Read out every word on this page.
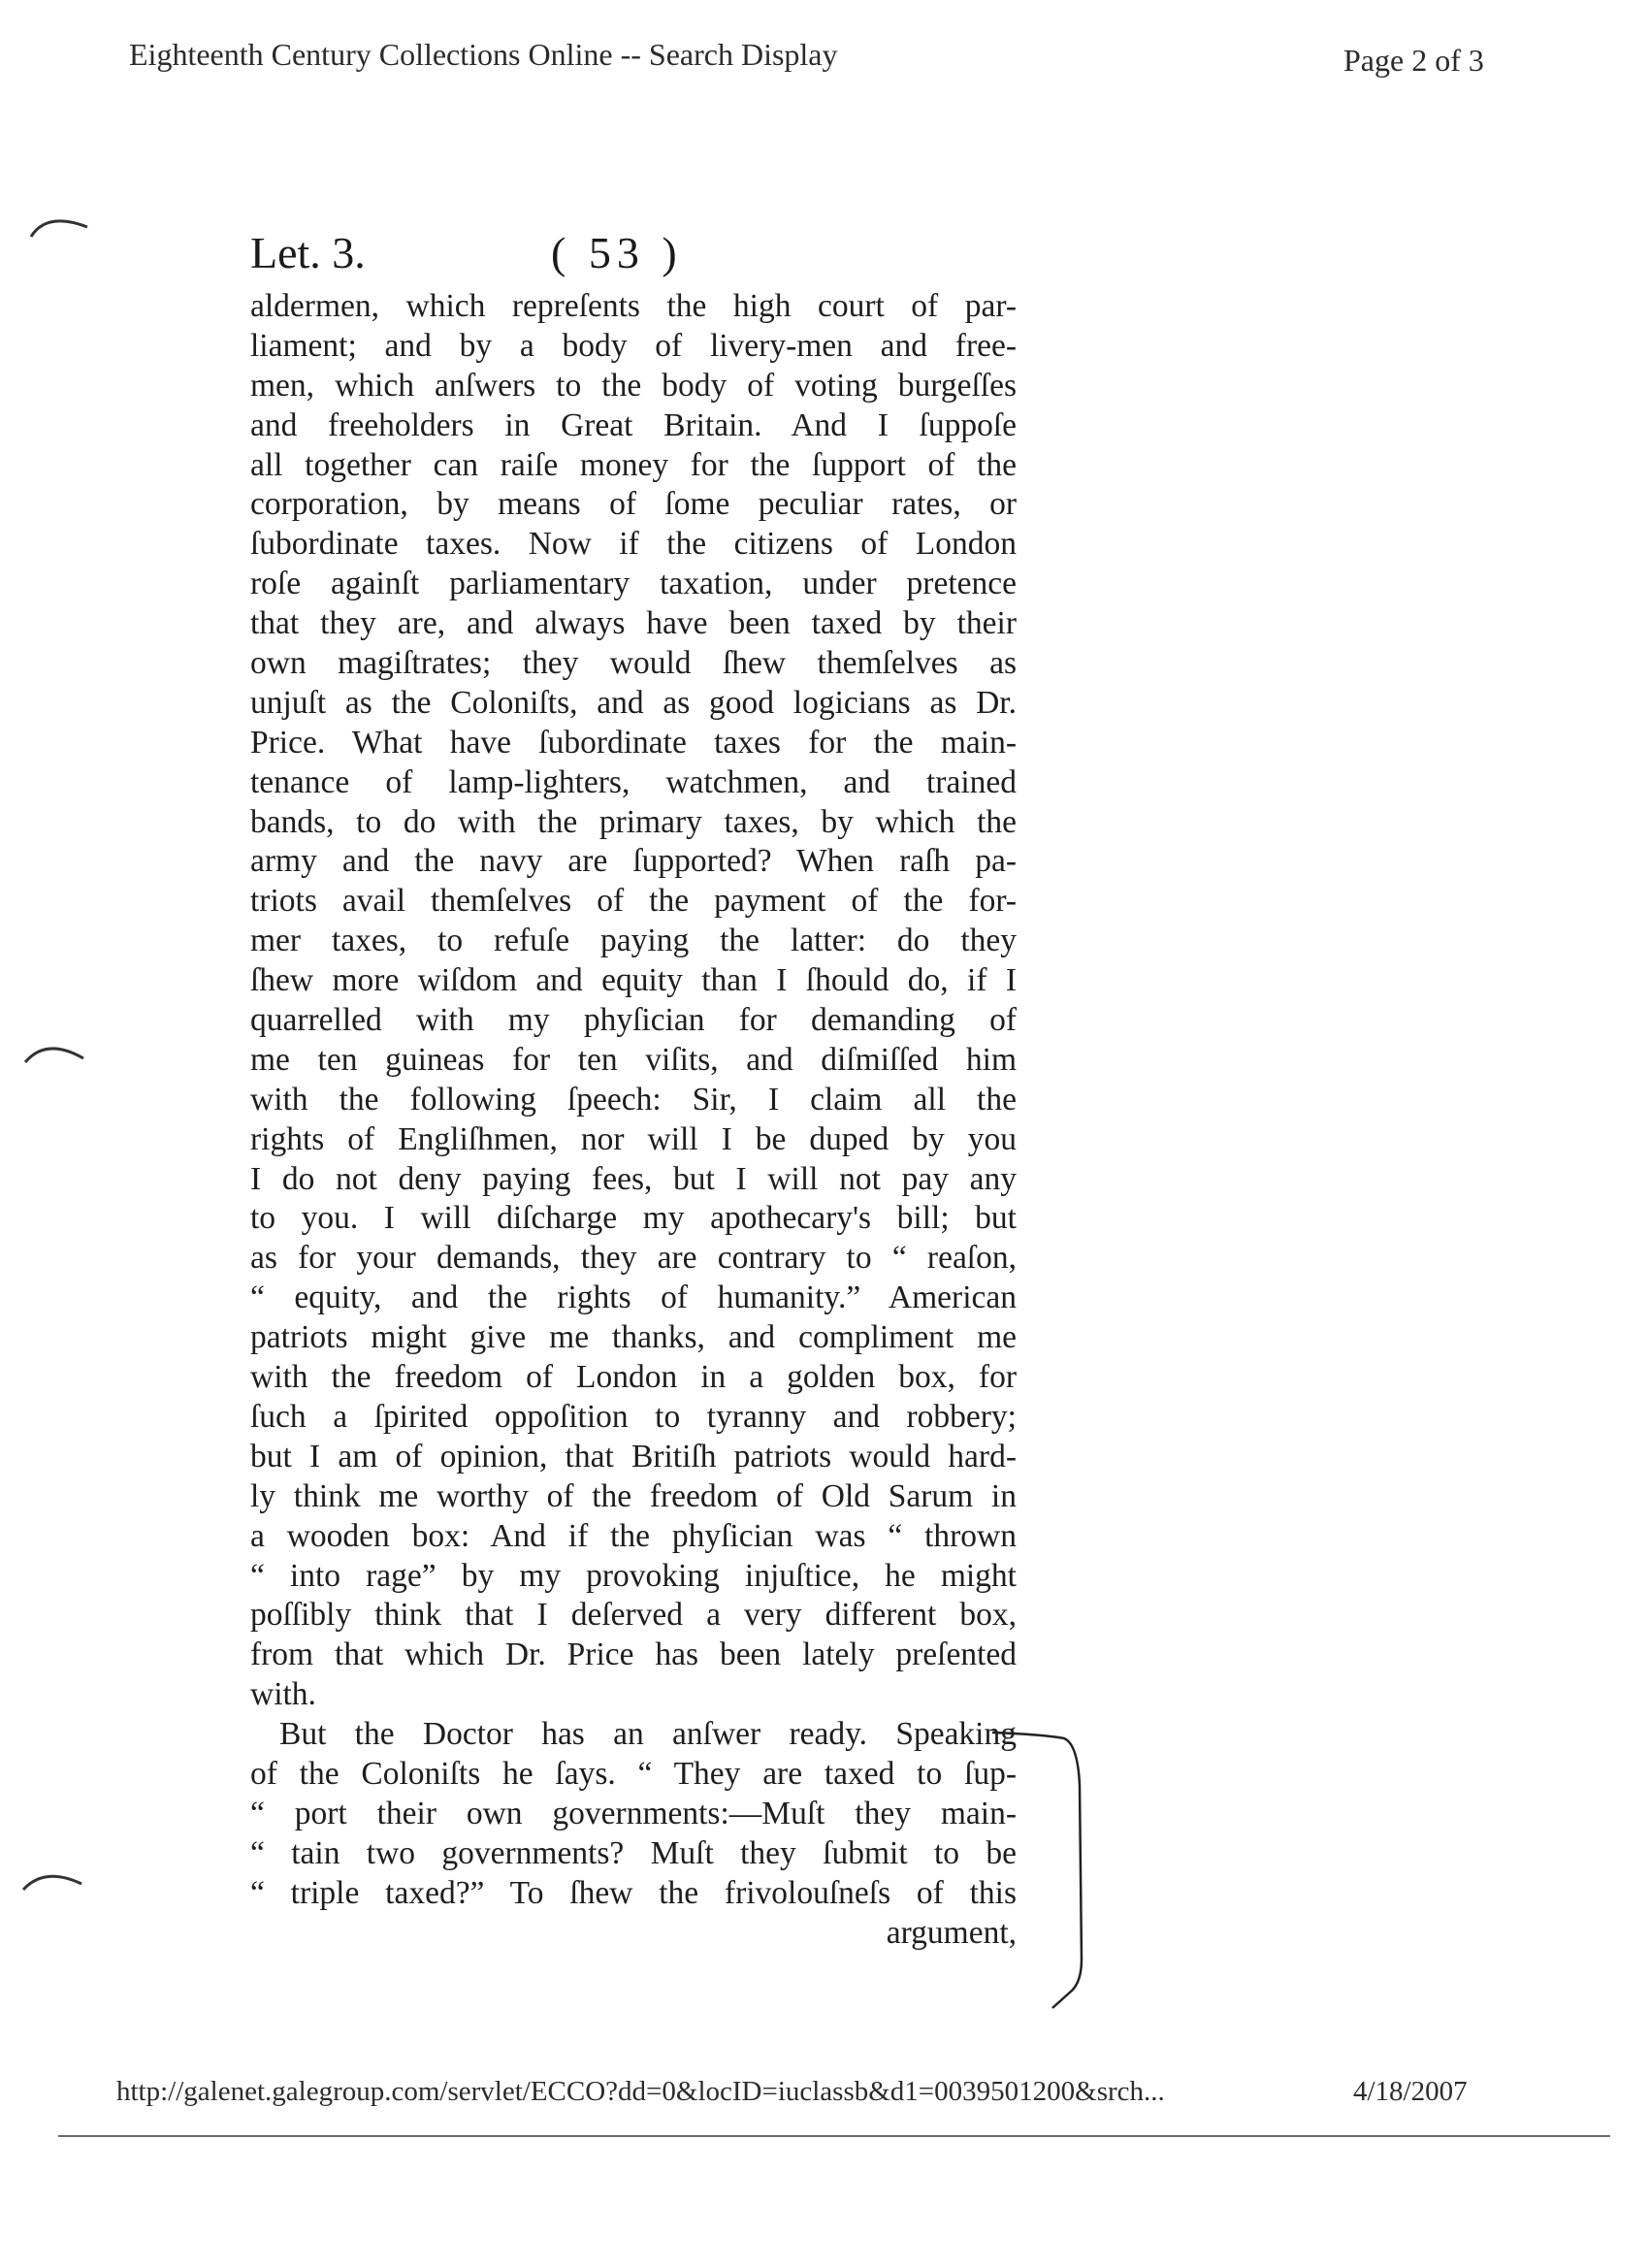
Eighteenth Century Collections Online -- Search Display	Page 2 of 3
Let. 3.	( 53 )
aldermen, which repreſents the high court of par-
liament; and by a body of livery-men and free-
men, which anſwers to the body of voting burgeſſes
and freeholders in Great Britain. And I ſuppoſe
all together can raiſe money for the ſupport of the
corporation, by means of ſome peculiar rates, or
ſubordinate taxes. Now if the citizens of London
roſe againſt parliamentary taxation, under pretence
that they are, and always have been taxed by their
own magiſtrates; they would ſhew themſelves as
unjuſt as the Coloniſts, and as good logicians as Dr.
Price. What have ſubordinate taxes for the main-
tenance of lamp-lighters, watchmen, and trained
bands, to do with the primary taxes, by which the
army and the navy are ſupported? When raſh pa-
triots avail themſelves of the payment of the for-
mer taxes, to refuſe paying the latter: do they
ſhew more wiſdom and equity than I ſhould do, if I
quarrelled with my phyſician for demanding of
me ten guineas for ten viſits, and diſmiſſed him
with the following ſpeech: Sir, I claim all the
rights of Engliſhmen, nor will I be duped by you
I do not deny paying fees, but I will not pay any
to you. I will diſcharge my apothecary's bill; but
as for your demands, they are contrary to “ reaſon,
“ equity, and the rights of humanity.” American
patriots might give me thanks, and compliment me
with the freedom of London in a golden box, for
ſuch a ſpirited oppoſition to tyranny and robbery;
but I am of opinion, that Britiſh patriots would hard-
ly think me worthy of the freedom of Old Sarum in
a wooden box: And if the phyſician was “ thrown
“ into rage” by my provoking injuſtice, he might
poſſibly think that I deſerved a very different box,
from that which Dr. Price has been lately preſented
with.
But the Doctor has an anſwer ready. Speaking
of the Coloniſts he ſays. “ They are taxed to ſup-
“ port their own governments:—Muſt they main-
“ tain two governments? Muſt they ſubmit to be
“ triple taxed?” To ſhew the frivolouſneſs of this
argument,
http://galenet.galegroup.com/servlet/ECCO?dd=0&locID=iuclassb&d1=0039501200&srch...	4/18/2007
